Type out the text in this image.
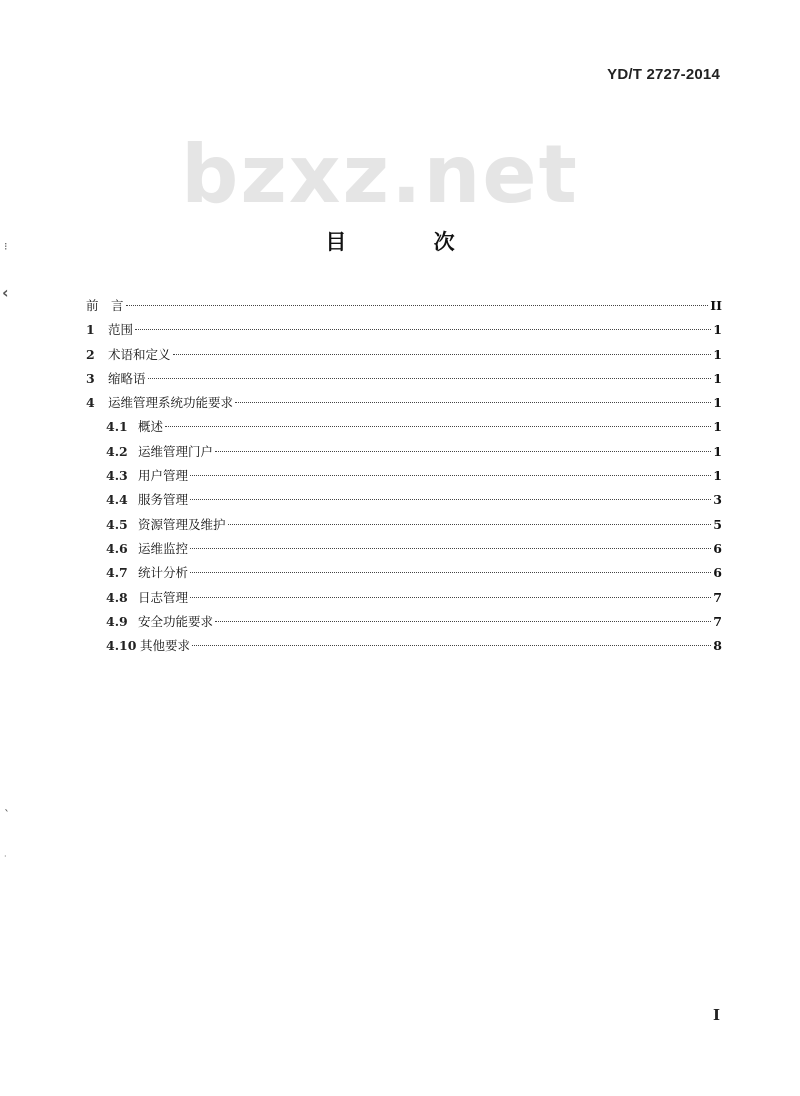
YD/T 2727-2014
bzxz.net
目 次
前　言	II
1	范围	1
2	术语和定义	1
3	缩略语	1
4	运维管理系统功能要求	1
4.1 概述	1
4.2 运维管理门户	1
4.3 用户管理	1
4.4 服务管理	3
4.5 资源管理及维护	5
4.6 运维监控	6
4.7 统计分析	6
4.8 日志管理	7
4.9 安全功能要求	7
4.10 其他要求	8
I
⁝
‹
ˋ
·
